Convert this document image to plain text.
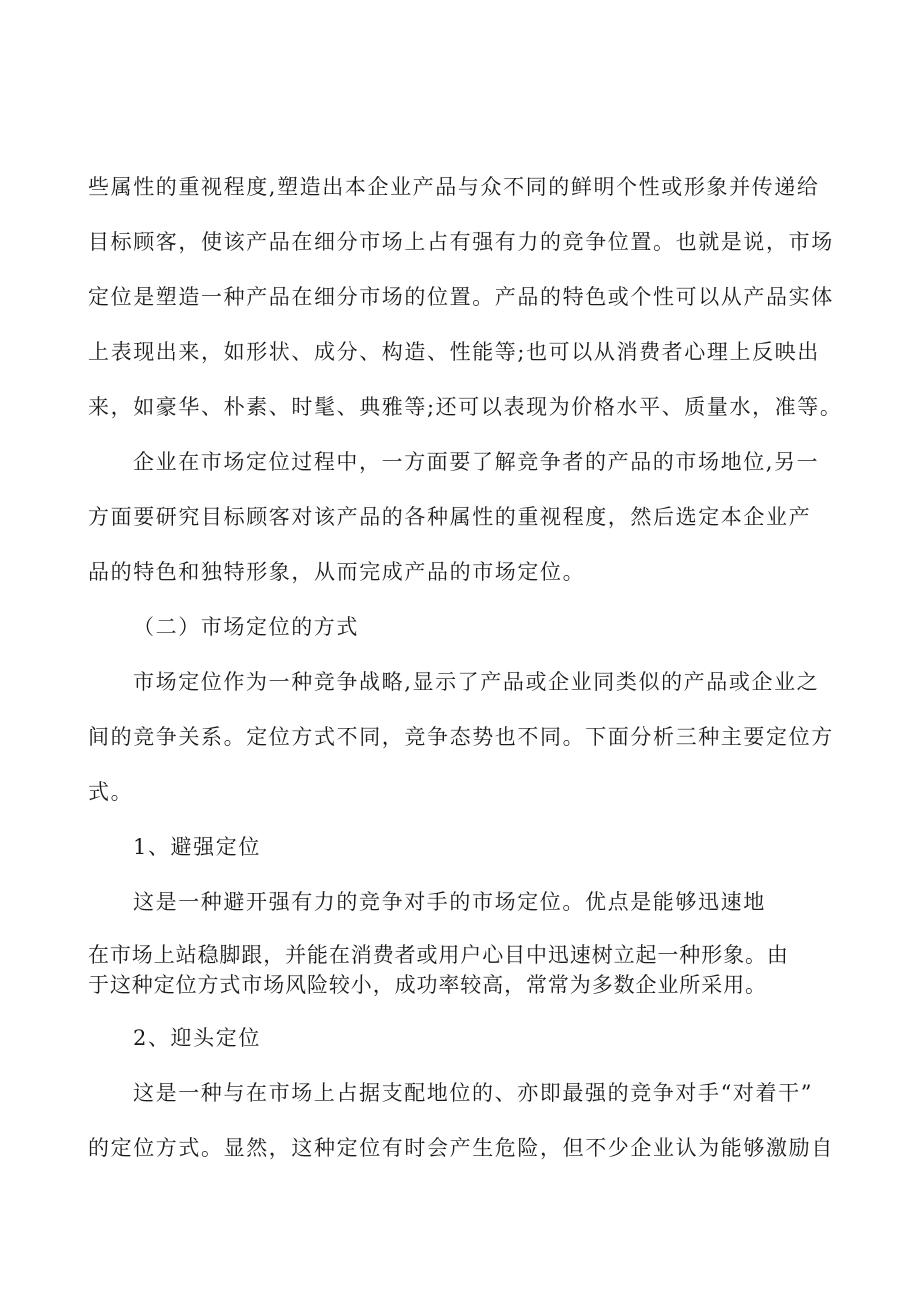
些属性的重视程度,塑造出本企业产品与众不同的鲜明个性或形象并传递给
目标顾客，使该产品在细分市场上占有强有力的竞争位置。也就是说，市场
定位是塑造一种产品在细分市场的位置。产品的特色或个性可以从产品实体
上表现出来，如形状、成分、构造、性能等;也可以从消费者心理上反映出
来，如豪华、朴素、时髦、典雅等;还可以表现为价格水平、质量水，准等。
企业在市场定位过程中，一方面要了解竞争者的产品的市场地位,另一
方面要研究目标顾客对该产品的各种属性的重视程度，然后选定本企业产
品的特色和独特形象，从而完成产品的市场定位。
（二）市场定位的方式
市场定位作为一种竞争战略,显示了产品或企业同类似的产品或企业之
间的竞争关系。定位方式不同，竞争态势也不同。下面分析三种主要定位方
式。
1、避强定位
这是一种避开强有力的竞争对手的市场定位。优点是能够迅速地
在市场上站稳脚跟，并能在消费者或用户心目中迅速树立起一种形象。由
于这种定位方式市场风险较小，成功率较高，常常为多数企业所采用。
2、迎头定位
这是一种与在市场上占据支配地位的、亦即最强的竞争对手“对着干”
的定位方式。显然，这种定位有时会产生危险，但不少企业认为能够激励自
